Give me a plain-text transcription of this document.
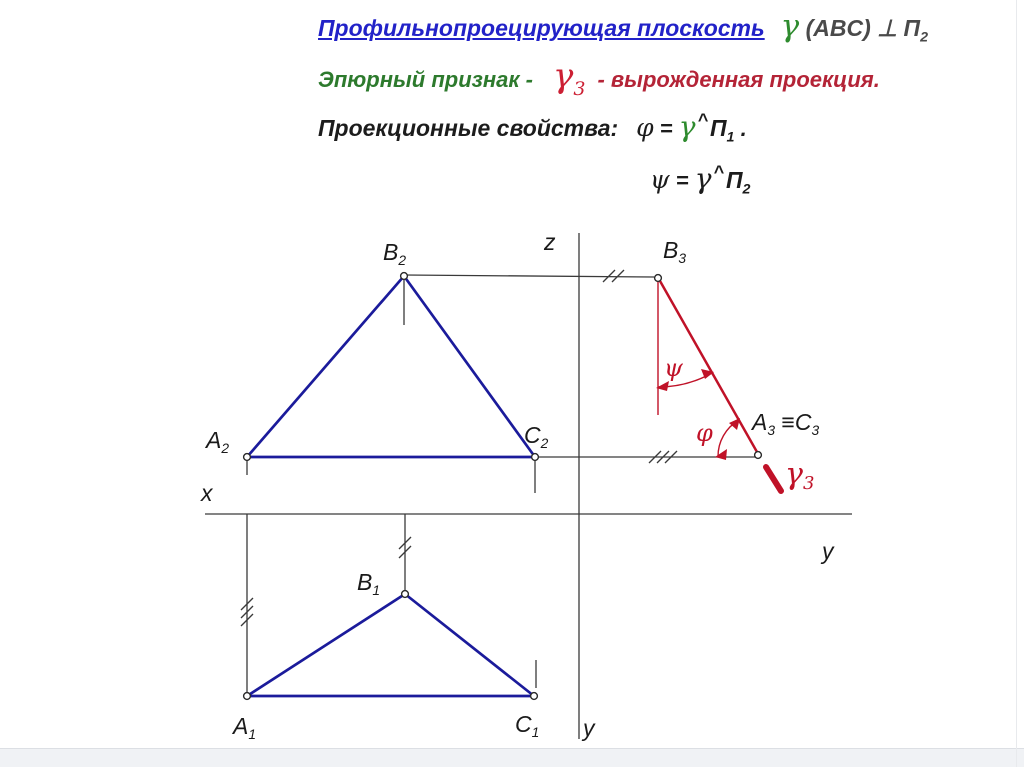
z
x
y
y
$B_2$
$A_2$
$C_2$
$B_3$
$A_3 \equiv C_3$
$B_1$
$A_1$	$C_1$
ψ
φ
γ3
Профильнопроецирующая плоскость γ (ABC) ⊥ $П_2$
Эпюрный признак - $\gamma_3$ - вырожденная проекция.
Проекционные свойства: φ = γ $\^{}П_1$ .
ψ = γ $\^{}П_2$
